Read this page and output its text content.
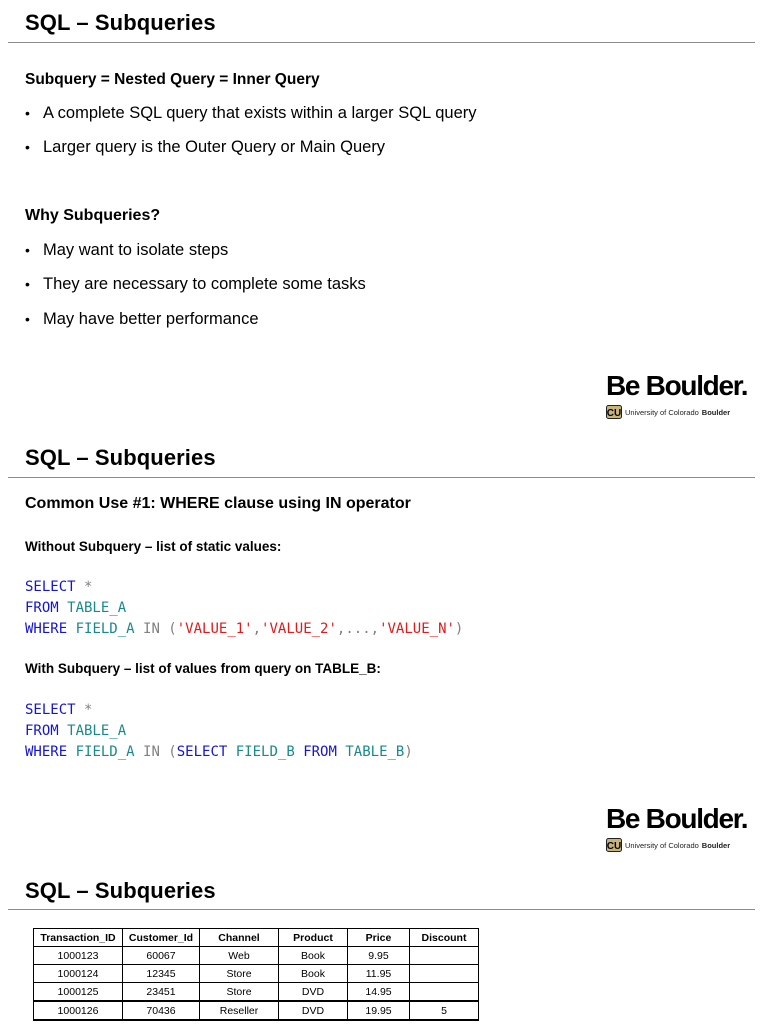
SQL – Subqueries
Subquery = Nested Query = Inner Query
• A complete SQL query that exists within a larger SQL query
• Larger query is the Outer Query or Main Query
Why Subqueries?
• May want to isolate steps
• They are necessary to complete some tasks
• May have better performance
Be Boulder.
CU University of Colorado Boulder
SQL – Subqueries
Common Use #1: WHERE clause using IN operator
Without Subquery – list of static values:
SELECT *
FROM TABLE_A
WHERE FIELD_A IN ('VALUE_1','VALUE_2',...,'VALUE_N')
With Subquery – list of values from query on TABLE_B:
SELECT *
FROM TABLE_A
WHERE FIELD_A IN (SELECT FIELD_B FROM TABLE_B)
Be Boulder.
CU University of Colorado Boulder
SQL – Subqueries
Transaction_ID	Customer_Id	Channel	Product	Price	Discount
1000123	60067	Web	Book	9.95	
1000124	12345	Store	Book	11.95	
1000125	23451	Store	DVD	14.95	
1000126	70436	Reseller	DVD	19.95	5
